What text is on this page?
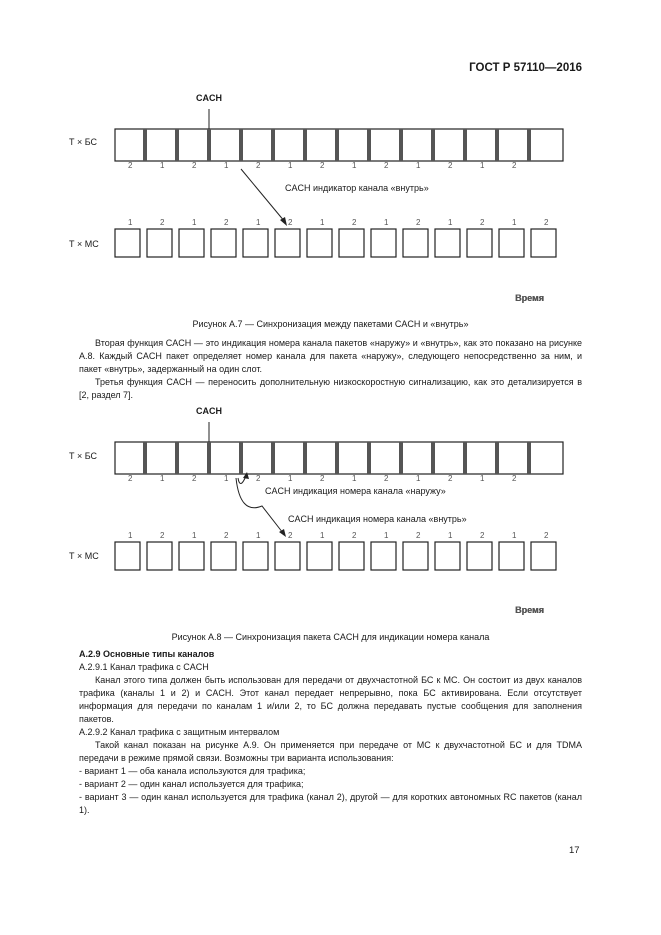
ГОСТ Р 57110—2016
CACH
Т × БС
Т × МС
2	1	2	1	2	1	2	1	2	1	2	1	2
1	2	1	2	1	2	1	2	1	2	1	2	1	2
CACH индикатор канала «внутрь»
Время
Рисунок А.7 — Синхронизация между пакетами CACH и «внутрь»

Вторая функция CACH — это индикация номера канала пакетов «наружу» и «внутрь», как это показано на рисунке А.8. Каждый CACH пакет определяет номер канала для пакета «наружу», следующего непосредственно за ним, и пакет «внутрь», задержанный на один слот.

Третья функция CACH — переносить дополнительную низкоскоростную сигнализацию, как это детализируется в [2, раздел 7].

CACH
Т × БС
Т × МС
2	1	2	1	2	1	2	1	2	1	2	1	2
1	2	1	2	1	2	1	2	1	2	1	2	1	2
CACH индикация номера канала «наружу»
CACH индикация номера канала «внутрь»
Время
Рисунок А.8 — Синхронизация пакета CACH для индикации номера канала

А.2.9 Основные типы каналов

А.2.9.1 Канал трафика с CACH

Канал этого типа должен быть использован для передачи от двухчастотной БС к МС. Он состоит из двух каналов трафика (каналы 1 и 2) и CACH. Этот канал передает непрерывно, пока БС активирована. Если отсутствует информация для передачи по каналам 1 и/или 2, то БС должна передавать пустые сообщения для заполнения пакетов.

А.2.9.2 Канал трафика с защитным интервалом

Такой канал показан на рисунке А.9. Он применяется при передаче от МС к двухчастотной БС и для TDMA передачи в режиме прямой связи. Возможны три варианта использования:

- вариант 1 — оба канала используются для трафика;

- вариант 2 — один канал используется для трафика;

- вариант 3 — один канал используется для трафика (канал 2), другой — для коротких автономных RC пакетов (канал 1).

17
